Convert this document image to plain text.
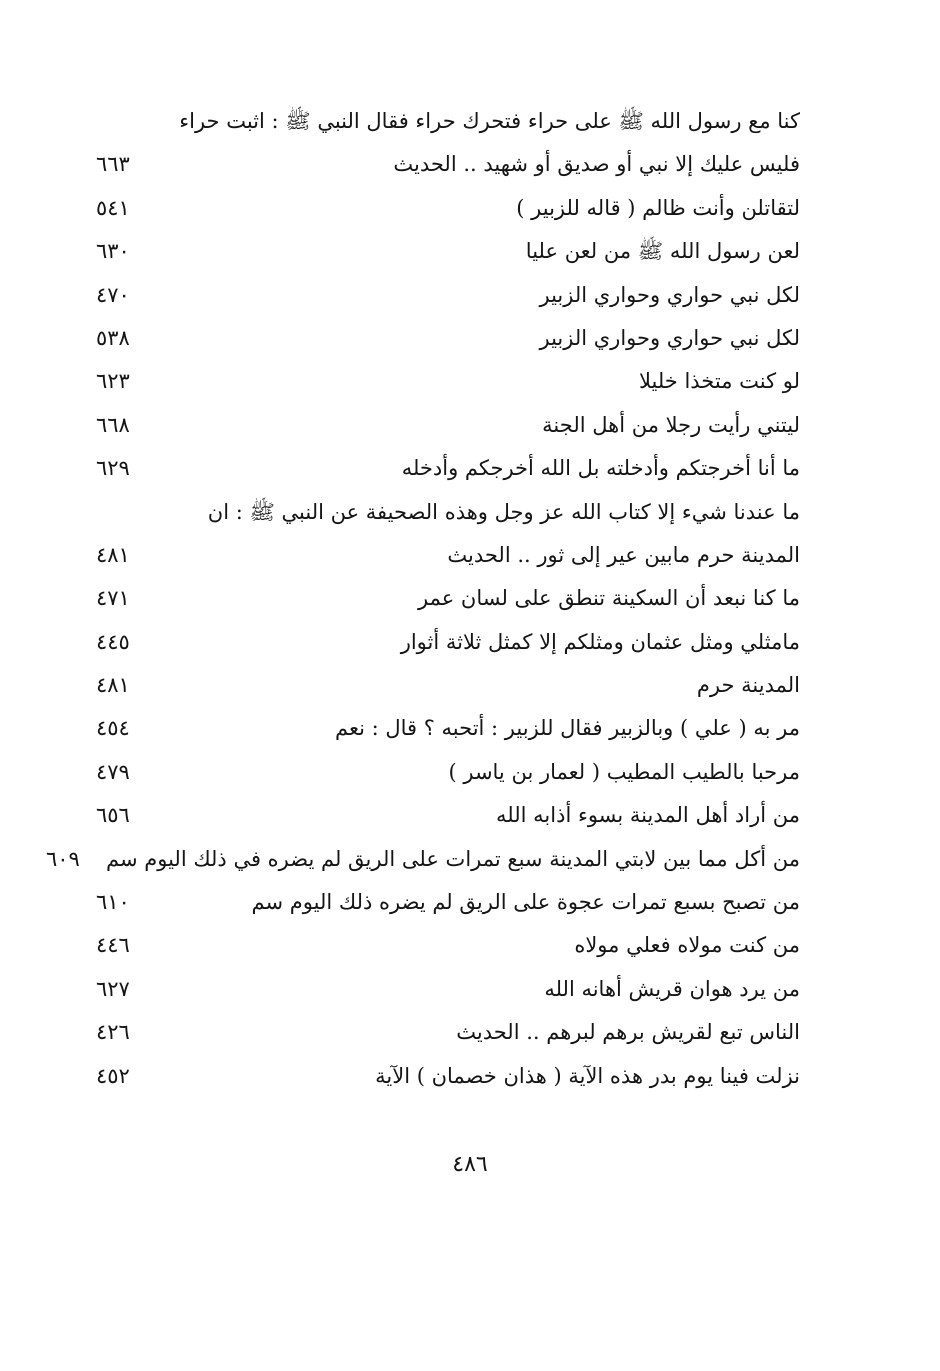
كنا مع رسول الله ﷺ على حراء فتحرك حراء فقال النبي ﷺ : اثبت حراء
فليس عليك إلا نبي أو صديق أو شهيد .. الحديث
٦٦٣
لتقاتلن وأنت ظالم ( قاله للزبير )
٥٤١
لعن رسول الله ﷺ من لعن عليا
٦٣٠
لكل نبي حواري وحواري الزبير
٤٧٠
لكل نبي حواري وحواري الزبير
٥٣٨
لو كنت متخذا خليلا
٦٢٣
ليتني رأيت رجلا من أهل الجنة
٦٦٨
ما أنا أخرجتكم وأدخلته بل الله أخرجكم وأدخله
٦٢٩
ما عندنا شيء إلا كتاب الله عز وجل وهذه الصحيفة عن النبي ﷺ : ان
المدينة حرم مابين عير إلى ثور .. الحديث
٤٨١
ما كنا نبعد أن السكينة تنطق على لسان عمر
٤٧١
مامثلي ومثل عثمان ومثلكم إلا كمثل ثلاثة أثوار
٤٤٥
المدينة حرم
٤٨١
مر به ( علي ) وبالزبير فقال للزبير : أتحبه ؟ قال : نعم
٤٥٤
مرحبا بالطيب المطيب ( لعمار بن ياسر )
٤٧٩
من أراد أهل المدينة بسوء أذابه الله
٦٥٦
من أكل مما بين لابتي المدينة سبع تمرات على الريق لم يضره في ذلك اليوم سم
٦٠٩
من تصبح بسبع تمرات عجوة على الريق لم يضره ذلك اليوم سم
٦١٠
من كنت مولاه فعلي مولاه
٤٤٦
من يرد هوان قريش أهانه الله
٦٢٧
الناس تبع لقريش برهم لبرهم .. الحديث
٤٢٦
نزلت فينا يوم بدر هذه الآية ( هذان خصمان ) الآية
٤٥٢
٤٨٦
